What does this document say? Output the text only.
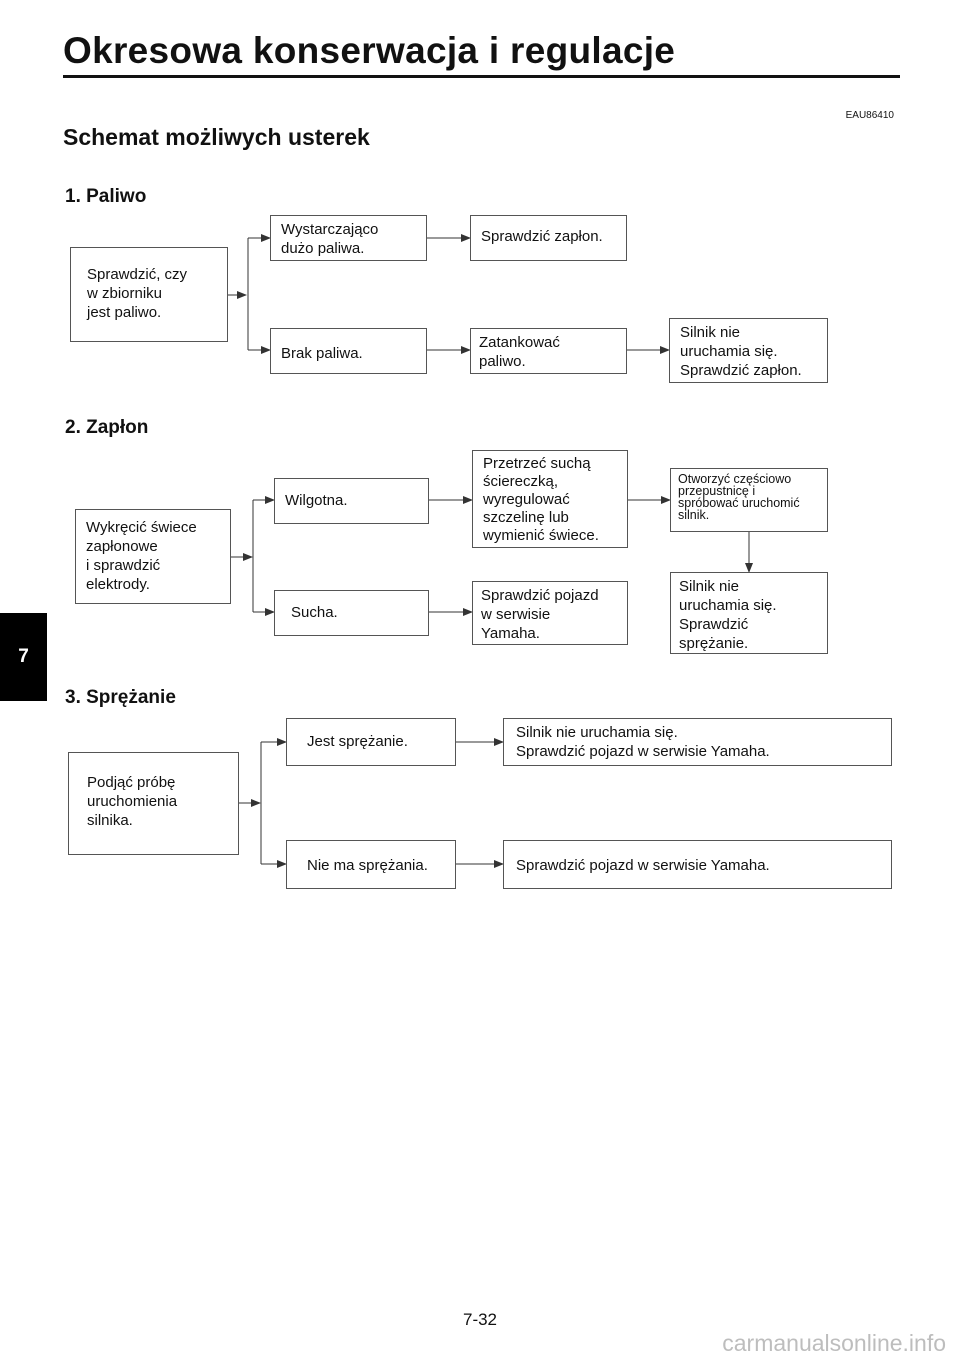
Okresowa konserwacja i regulacje
EAU86410
Schemat możliwych usterek
7
1. Paliwo
Sprawdzić, czy
w zbiorniku
jest paliwo.
Wystarczająco
dużo paliwa.
Sprawdzić zapłon.
Brak paliwa.
Zatankować
paliwo.
Silnik nie
uruchamia się.
Sprawdzić zapłon.
2. Zapłon
Wykręcić świece
zapłonowe
i sprawdzić
elektrody.
Wilgotna.
Przetrzeć suchą
ściereczką,
wyregulować
szczelinę lub
wymienić świece.
Otworzyć częściowo
przepustnicę i
spróbować uruchomić
silnik.
Sucha.
Sprawdzić pojazd
w serwisie
Yamaha.
Silnik nie
uruchamia się.
Sprawdzić
sprężanie.
3. Sprężanie
Podjąć próbę
uruchomienia
silnika.
Jest sprężanie.
Silnik nie uruchamia się.
Sprawdzić pojazd w serwisie Yamaha.
Nie ma sprężania.	Sprawdzić pojazd w serwisie Yamaha.
7-32
carmanualsonline.info
